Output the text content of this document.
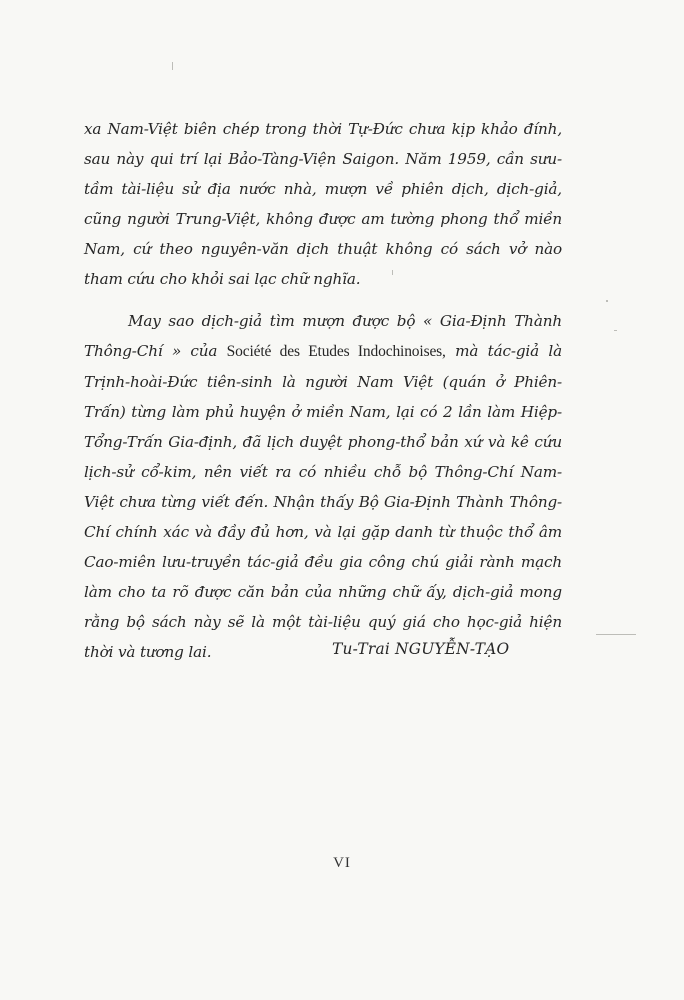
xa Nam-Việt biên chép trong thời Tự-Đức chưa kịp khảo đính, sau này qui trí lại Bảo-Tàng-Viện Saigon. Năm 1959, cần sưu-tầm tài-liệu sử địa nước nhà, mượn về phiên dịch, dịch-giả, cũng người Trung-Việt, không được am tường phong thổ miền Nam, cứ theo nguyên-văn dịch thuật không có sách vở nào tham cứu cho khỏi sai lạc chữ nghĩa.

May sao dịch-giả tìm mượn được bộ « Gia-Định Thành Thông-Chí » của Société des Etudes Indochinoises, mà tác-giả là Trịnh-hoài-Đức tiên-sinh là người Nam Việt (quán ở Phiên-Trấn) từng làm phủ huyện ở miền Nam, lại có 2 lần làm Hiệp-Tổng-Trấn Gia-định, đã lịch duyệt phong-thổ bản xứ và kê cứu lịch-sử cổ-kim, nên viết ra có nhiều chỗ bộ Thông-Chí Nam-Việt chưa từng viết đến. Nhận thấy Bộ Gia-Định Thành Thông-Chí chính xác và đầy đủ hơn, và lại gặp danh từ thuộc thổ âm Cao-miên lưu-truyền tác-giả đều gia công chú giải rành mạch làm cho ta rõ được căn bản của những chữ ấy, dịch-giả mong rằng bộ sách này sẽ là một tài-liệu quý giá cho học-giả hiện thời và tương lai.	Tu-Trai NGUYỄN-TẠO
VI
